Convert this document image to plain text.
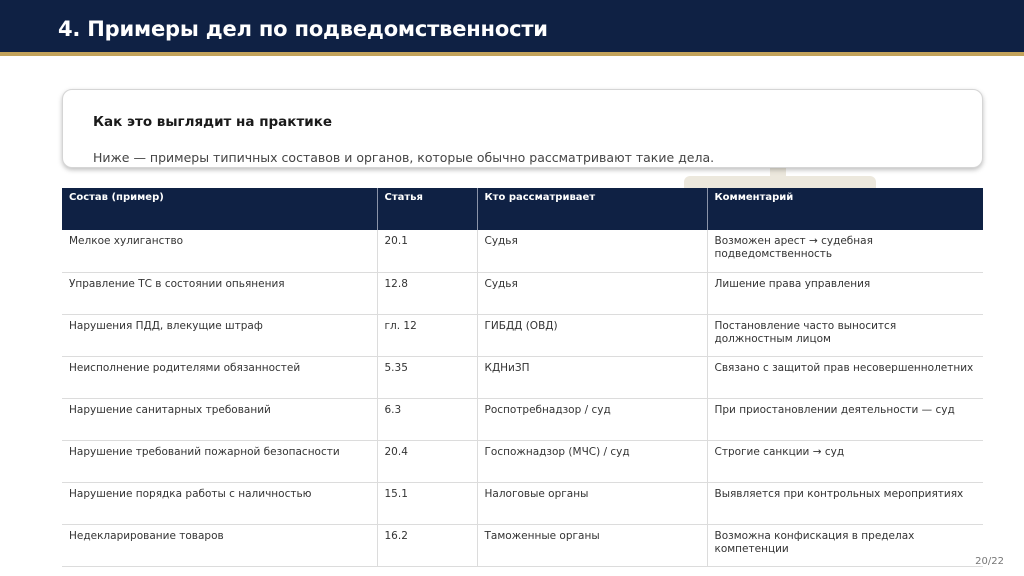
4. Примеры дел по подведомственности
Как это выглядит на практике
Ниже — примеры типичных составов и органов, которые обычно рассматривают такие дела.
Состав (пример)	Статья	Кто рассматривает	Комментарий
Мелкое хулиганство	20.1	Судья	Возможен арест → судебная подведомственность
Управление ТС в состоянии опьянения	12.8	Судья	Лишение права управления
Нарушения ПДД, влекущие штраф	гл. 12	ГИБДД (ОВД)	Постановление часто выносится должностным лицом
Неисполнение родителями обязанностей	5.35	КДНиЗП	Связано с защитой прав несовершеннолетних
Нарушение санитарных требований	6.3	Роспотребнадзор / суд	При приостановлении деятельности — суд
Нарушение требований пожарной безопасности	20.4	Госпожнадзор (МЧС) / суд	Строгие санкции → суд
Нарушение порядка работы с наличностью	15.1	Налоговые органы	Выявляется при контрольных мероприятиях
Недекларирование товаров	16.2	Таможенные органы	Возможна конфискация в пределах компетенции
20/22
